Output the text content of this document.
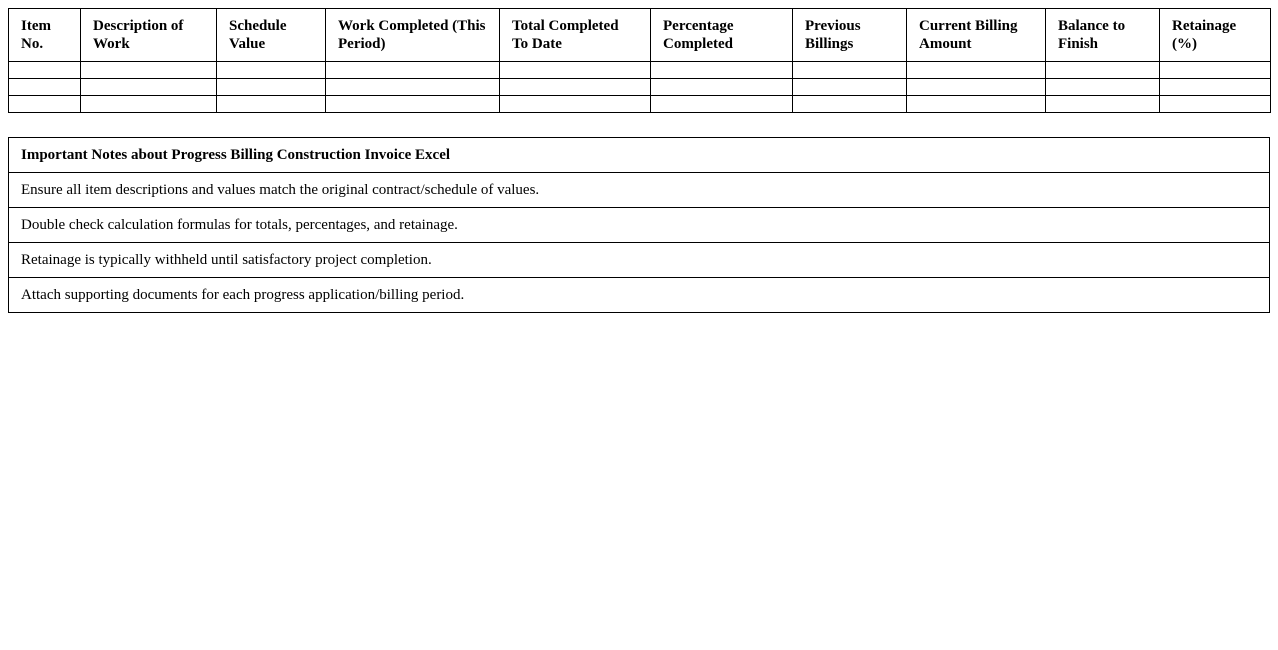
Item No.	Description of Work	Schedule Value	Work Completed (This Period)	Total Completed To Date	Percentage Completed	Previous Billings	Current Billing Amount	Balance to Finish	Retainage (%)

Important Notes about Progress Billing Construction Invoice Excel
Ensure all item descriptions and values match the original contract/schedule of values.
Double check calculation formulas for totals, percentages, and retainage.
Retainage is typically withheld until satisfactory project completion.
Attach supporting documents for each progress application/billing period.
